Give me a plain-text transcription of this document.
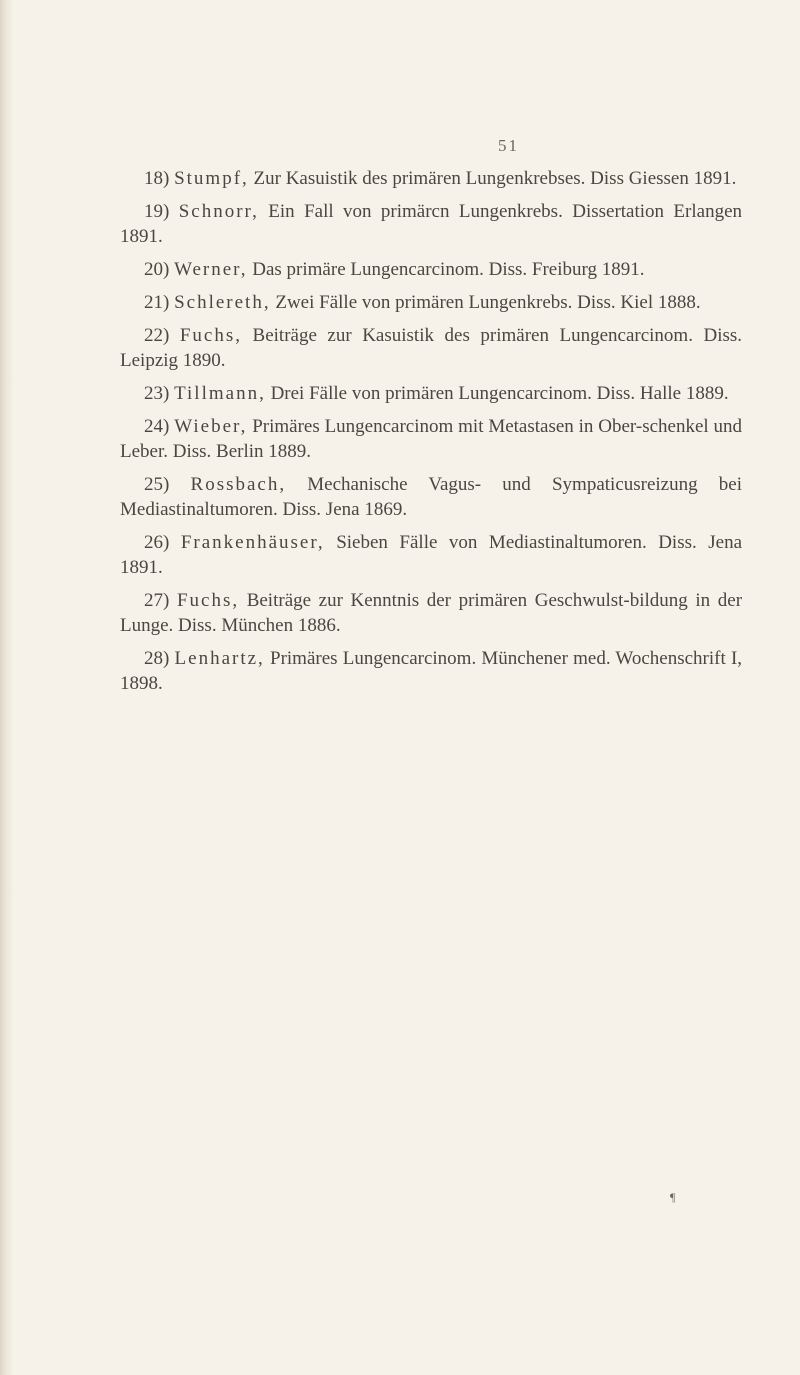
51

18) Stumpf, Zur Kasuistik des primären Lungenkrebses. Diss Giessen 1891.

19) Schnorr, Ein Fall von primärcn Lungenkrebs. Dissertation Erlangen 1891.

20) Werner, Das primäre Lungencarcinom. Diss. Freiburg 1891.

21) Schlereth, Zwei Fälle von primären Lungenkrebs. Diss. Kiel 1888.

22) Fuchs, Beiträge zur Kasuistik des primären Lungencarcinom. Diss. Leipzig 1890.

23) Tillmann, Drei Fälle von primären Lungencarcinom. Diss. Halle 1889.

24) Wieber, Primäres Lungencarcinom mit Metastasen in Ober-schenkel und Leber. Diss. Berlin 1889.

25) Rossbach, Mechanische Vagus- und Sympaticusreizung bei Mediastinaltumoren. Diss. Jena 1869.

26) Frankenhäuser, Sieben Fälle von Mediastinaltumoren. Diss. Jena 1891.

27) Fuchs, Beiträge zur Kenntnis der primären Geschwulst-bildung in der Lunge. Diss. München 1886.

28) Lenhartz, Primäres Lungencarcinom. Münchener med. Wochenschrift I, 1898.

¶
